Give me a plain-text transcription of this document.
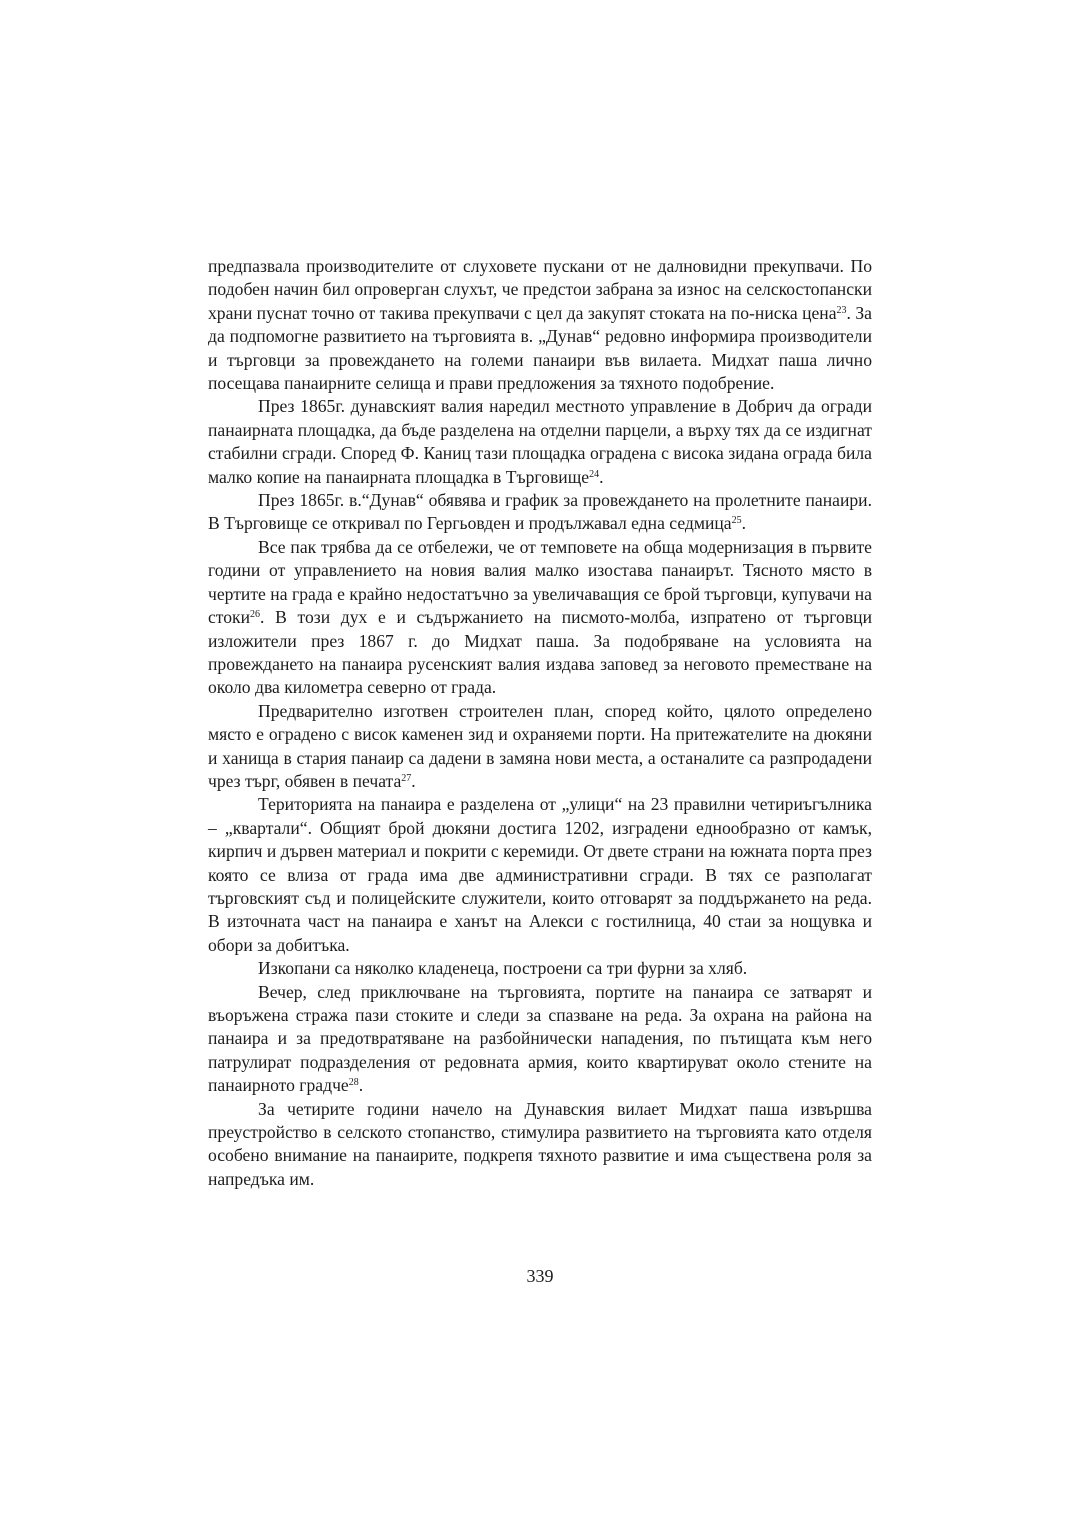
предпазвала производителите от слуховете пускани от не далновидни прекупвачи. По подобен начин бил опроверган слухът, че предстои забрана за износ на селскостопански храни пуснат точно от такива прекупвачи с цел да закупят стоката на по-ниска цена$^{23}$. За да подпомогне развитието на търговията в. „Дунав“ редовно информира производители и търговци за провеждането на големи панаири във вилаета. Мидхат паша лично посещава панаирните селища и прави предложения за тяхното подобрение.

През 1865г. дунавският валия наредил местното управление в Добрич да огради панаирната площадка, да бъде разделена на отделни парцели, а върху тях да се издигнат стабилни сгради. Според Ф. Каниц тази площадка оградена с висока зидана ограда била малко копие на панаирната площадка в Търговище$^{24}$.

През 1865г. в.“Дунав“ обявява и график за провеждането на пролетните панаири. В Търговище се откривал по Гергьовден и продължавал една седмица$^{25}$.

Все пак трябва да се отбележи, че от темповете на обща модернизация в първите години от управлението на новия валия малко изостава панаирът. Тясното място в чертите на града е крайно недостатъчно за увеличаващия се брой търговци, купувачи на стоки$^{26}$. В този дух е и съдържанието на писмото-молба, изпратено от търговци изложители през 1867 г. до Мидхат паша. За подобряване на условията на провеждането на панаира русенският валия издава заповед за неговото преместване на около два километра северно от града.

Предварително изготвен строителен план, според който, цялото определено място е оградено с висок каменен зид и охраняеми порти. На притежателите на дюкяни и ханища в стария панаир са дадени в замяна нови места, а останалите са разпродадени чрез търг, обявен в печата$^{27}$.

Територията на панаира е разделена от „улици“ на 23 правилни четириъгълника – „квартали“. Общият брой дюкяни достига 1202, изградени еднообразно от камък, кирпич и дървен материал и покрити с керемиди. От двете страни на южната порта през която се влиза от града има две административни сгради. В тях се разполагат търговският съд и полицейските служители, които отговарят за поддържането на реда. В източната част на панаира е ханът на Алекси с гостилница, 40 стаи за нощувка и обори за добитъка.

Изкопани са няколко кладенеца, построени са три фурни за хляб.

Вечер, след приключване на търговията, портите на панаира се затварят и въоръжена стража пази стоките и следи за спазване на реда. За охрана на района на панаира и за предотвратяване на разбойнически нападения, по пътищата към него патрулират подразделения от редовната армия, които квартируват около стените на панаирното градче$^{28}$.

За четирите години начело на Дунавския вилает Мидхат паша извършва преустройство в селското стопанство, стимулира развитието на търговията като отделя особено внимание на панаирите, подкрепя тяхното развитие и има съществена роля за напредъка им.

339
